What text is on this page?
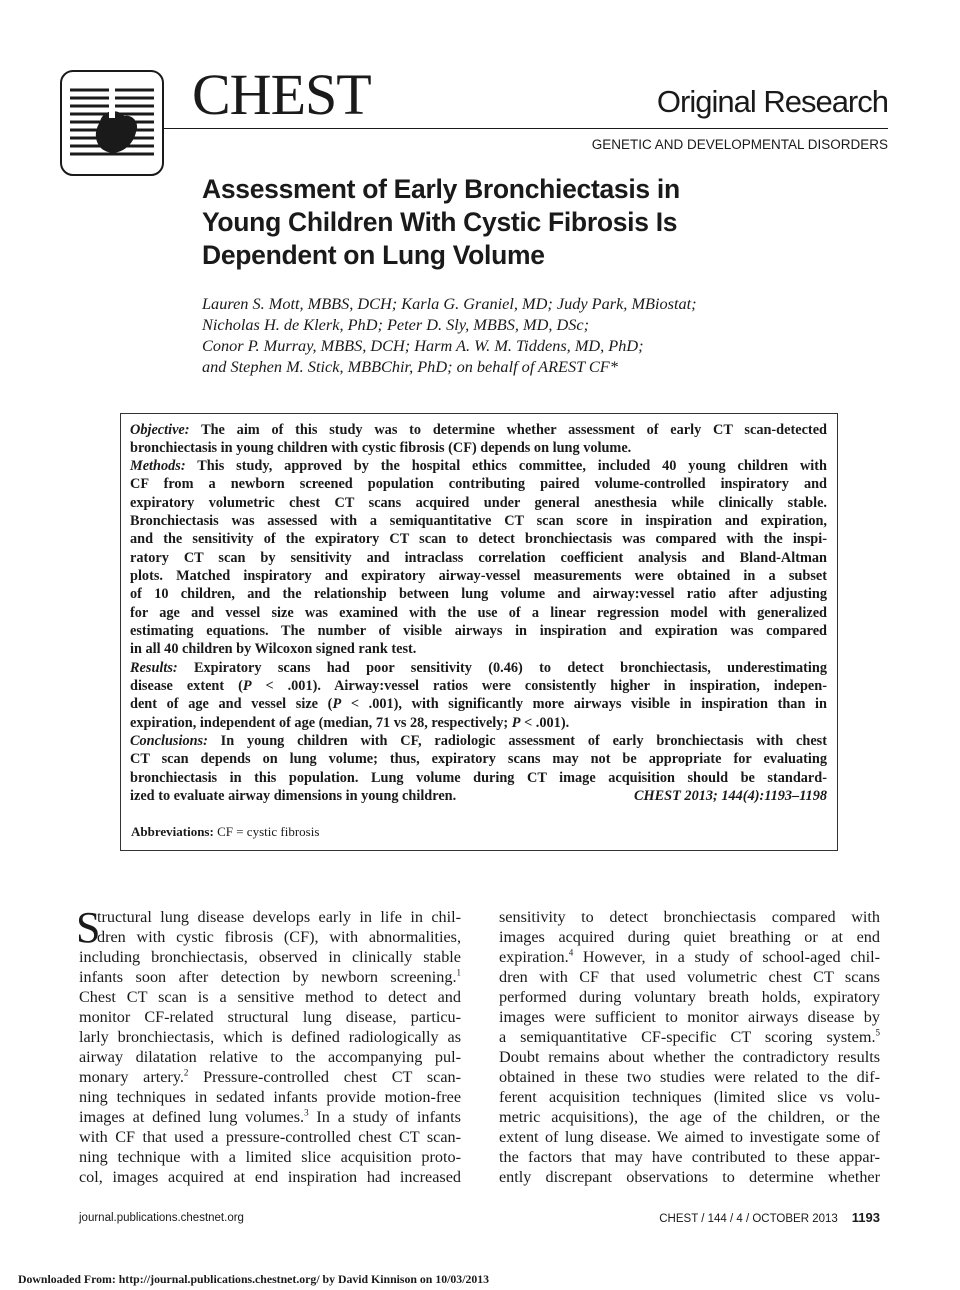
CHEST	Original Research
GENETIC AND DEVELOPMENTAL DISORDERS
Assessment of Early Bronchiectasis in
Young Children With Cystic Fibrosis Is
Dependent on Lung Volume
Lauren S. Mott, MBBS, DCH; Karla G. Graniel, MD; Judy Park, MBiostat;
Nicholas H. de Klerk, PhD; Peter D. Sly, MBBS, MD, DSc;
Conor P. Murray, MBBS, DCH; Harm A. W. M. Tiddens, MD, PhD;
and Stephen M. Stick, MBBChir, PhD; on behalf of AREST CF*
Objective: The aim of this study was to determine whether assessment of early CT scan-detected
bronchiectasis in young children with cystic fibrosis (CF) depends on lung volume.
Methods: This study, approved by the hospital ethics committee, included 40 young children with
CF from a newborn screened population contributing paired volume-controlled inspiratory and
expiratory volumetric chest CT scans acquired under general anesthesia while clinically stable.
Bronchiectasis was assessed with a semiquantitative CT scan score in inspiration and expiration,
and the sensitivity of the expiratory CT scan to detect bronchiectasis was compared with the inspi-
ratory CT scan by sensitivity and intraclass correlation coefficient analysis and Bland-Altman
plots. Matched inspiratory and expiratory airway-vessel measurements were obtained in a subset
of 10 children, and the relationship between lung volume and airway:vessel ratio after adjusting
for age and vessel size was examined with the use of a linear regression model with generalized
estimating equations. The number of visible airways in inspiration and expiration was compared
in all 40 children by Wilcoxon signed rank test.
Results: Expiratory scans had poor sensitivity (0.46) to detect bronchiectasis, underestimating
disease extent (P < .001). Airway:vessel ratios were consistently higher in inspiration, indepen-
dent of age and vessel size (P < .001), with significantly more airways visible in inspiration than in
expiration, independent of age (median, 71 vs 28, respectively; P < .001).
Conclusions: In young children with CF, radiologic assessment of early bronchiectasis with chest
CT scan depends on lung volume; thus, expiratory scans may not be appropriate for evaluating
bronchiectasis in this population. Lung volume during CT image acquisition should be standard-
ized to evaluate airway dimensions in young children.	CHEST 2013; 144(4):1193–1198
Abbreviations: CF = cystic fibrosis
S
tructural lung disease develops early in life in chil-
dren with cystic fibrosis (CF), with abnormalities,
including bronchiectasis, observed in clinically stable
infants soon after detection by newborn screening.$^1$
Chest CT scan is a sensitive method to detect and
monitor CF-related structural lung disease, particu-
larly bronchiectasis, which is defined radiologically as
airway dilatation relative to the accompanying pul-
monary artery.$^2$ Pressure-controlled chest CT scan-
ning techniques in sedated infants provide motion-free
images at defined lung volumes.$^3$ In a study of infants
with CF that used a pressure-controlled chest CT scan-
ning technique with a limited slice acquisition proto-
col, images acquired at end inspiration had increased
sensitivity to detect bronchiectasis compared with
images acquired during quiet breathing or at end
expiration.$^4$ However, in a study of school-aged chil-
dren with CF that used volumetric chest CT scans
performed during voluntary breath holds, expiratory
images were sufficient to monitor airways disease by
a semiquantitative CF-specific CT scoring system.$^5$
Doubt remains about whether the contradictory results
obtained in these two studies were related to the dif-
ferent acquisition techniques (limited slice vs volu-
metric acquisitions), the age of the children, or the
extent of lung disease. We aimed to investigate some of
the factors that may have contributed to these appar-
ently discrepant observations to determine whether
journal.publications.chestnet.org	CHEST / 144 / 4 / OCTOBER 2013 1193
Downloaded From: http://journal.publications.chestnet.org/ by David Kinnison on 10/03/2013
